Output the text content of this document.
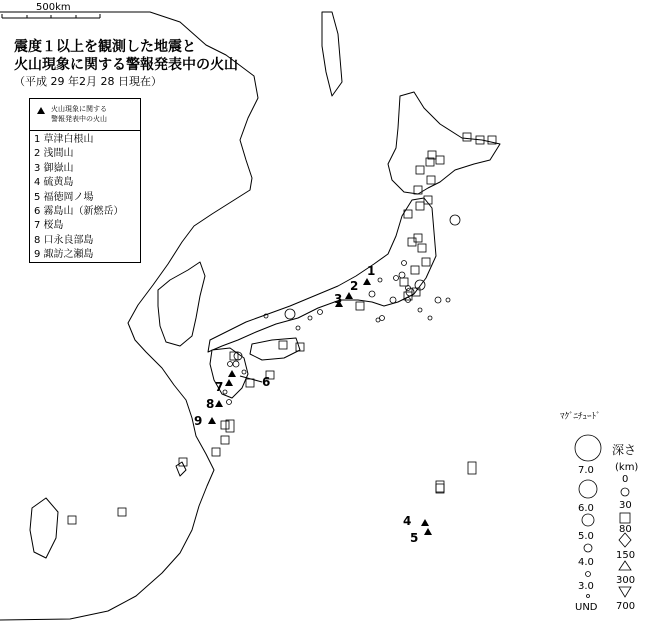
500km
震度１以上を観測した地震と
火山現象に関する警報発表中の火山
（平成 29 年2月 28 日現在）
火山現象に関する
警報発表中の火山
1 草津白根山
2 浅間山
3 御嶽山
4 硫黄島
5 福徳岡ノ場
6 霧島山（新燃岳）
7 桜島
8 口永良部島
9 諏訪之瀬島
ﾏｸﾞﾆﾁｭｰﾄﾞ
7.0
6.0
5.0
4.0
3.0
UND
深さ
(km)
0
30
80
150
300
700
1
2
3
4
5
6
7
8
9
